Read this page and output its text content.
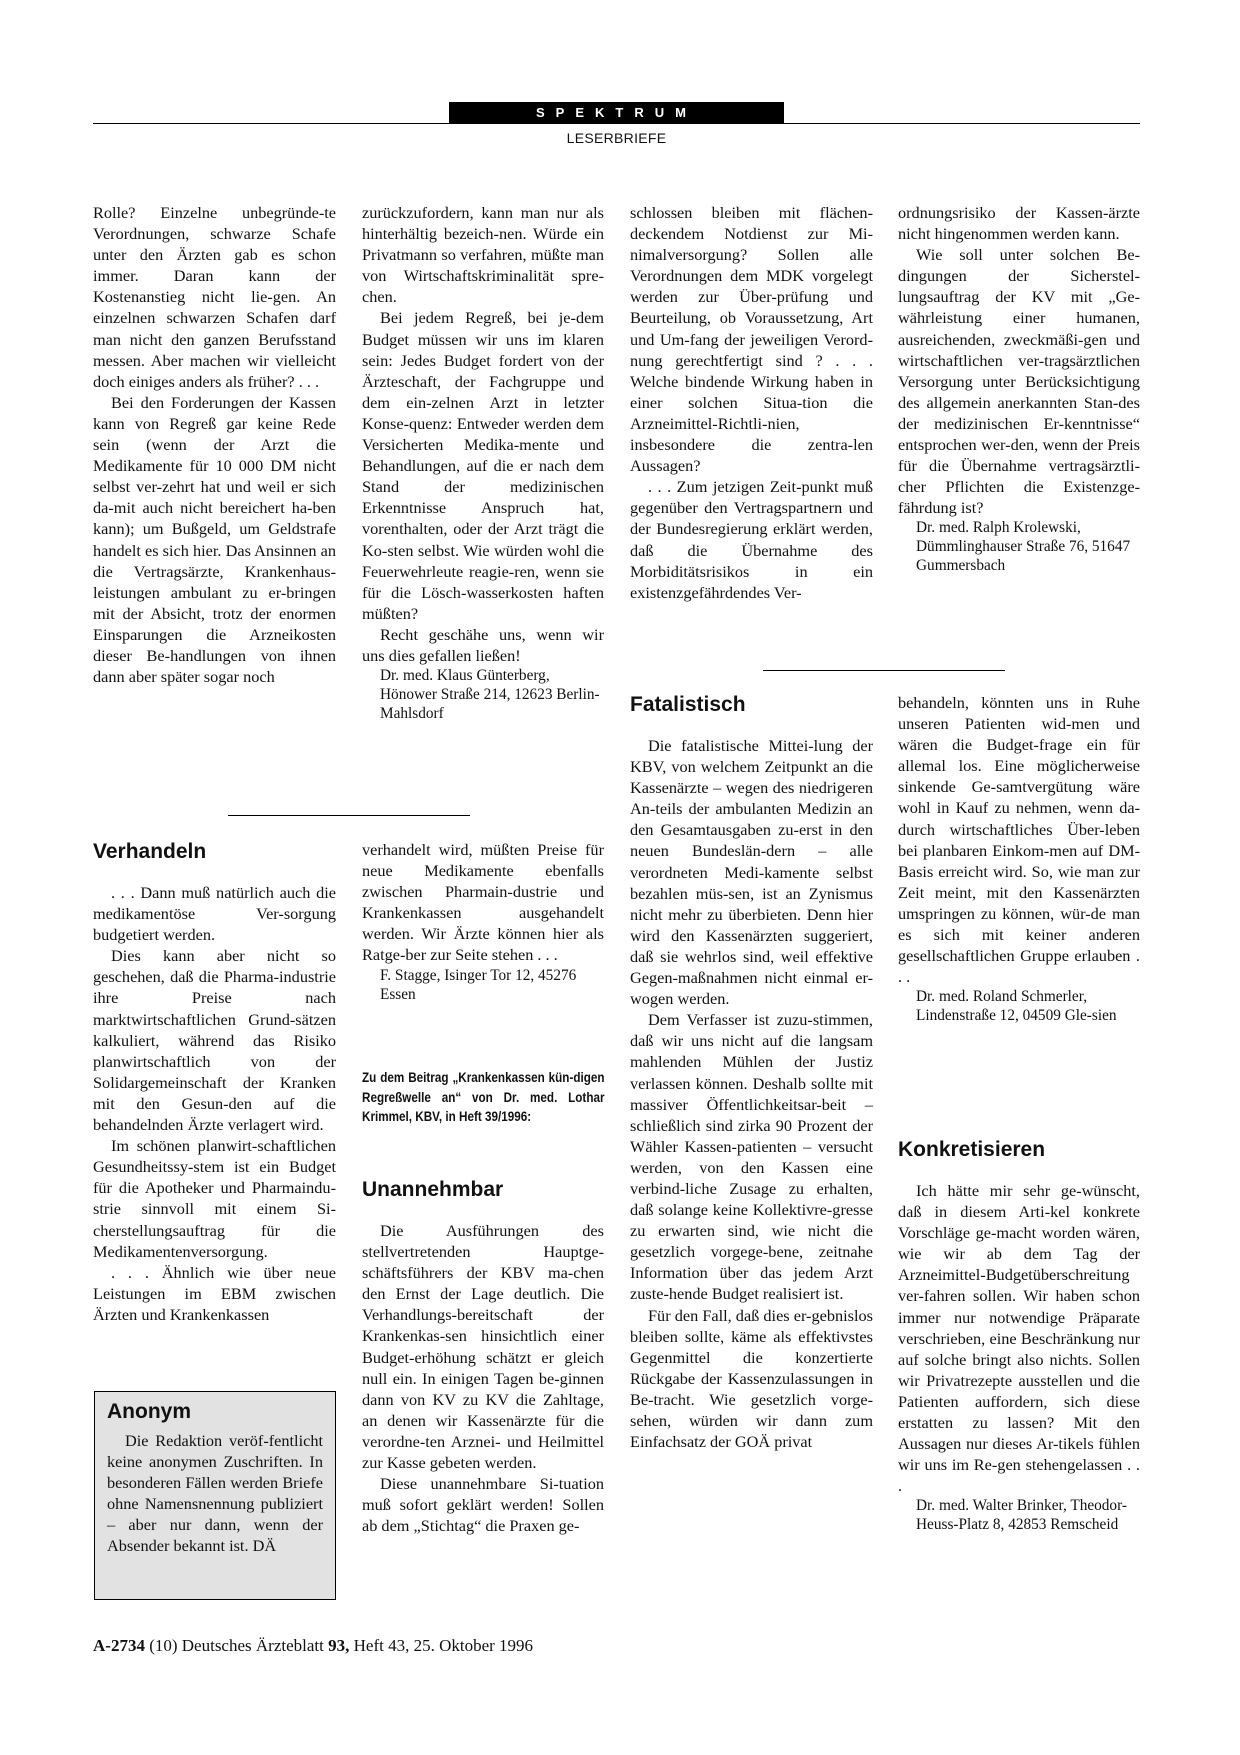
SPEKTRUM
LESERBRIEFE

Rolle? Einzelne unbegründe-te Verordnungen, schwarze Schafe unter den Ärzten gab es schon immer. Daran kann der Kostenanstieg nicht lie-gen. An einzelnen schwarzen Schafen darf man nicht den ganzen Berufsstand messen. Aber machen wir vielleicht doch einiges anders als früher? . . .

Bei den Forderungen der Kassen kann von Regreß gar keine Rede sein (wenn der Arzt die Medikamente für 10 000 DM nicht selbst ver-zehrt hat und weil er sich da-mit auch nicht bereichert ha-ben kann); um Bußgeld, um Geldstrafe handelt es sich hier. Das Ansinnen an die Vertragsärzte, Krankenhaus-leistungen ambulant zu er-bringen mit der Absicht, trotz der enormen Einsparungen die Arzneikosten dieser Be-handlungen von ihnen dann aber später sogar noch

zurückzufordern, kann man nur als hinterhältig bezeich-nen. Würde ein Privatmann so verfahren, müßte man von Wirtschaftskriminalität spre-chen.

Bei jedem Regreß, bei je-dem Budget müssen wir uns im klaren sein: Jedes Budget fordert von der Ärzteschaft, der Fachgruppe und dem ein-zelnen Arzt in letzter Konse-quenz: Entweder werden dem Versicherten Medika-mente und Behandlungen, auf die er nach dem Stand der medizinischen Erkenntnisse Anspruch hat, vorenthalten, oder der Arzt trägt die Ko-sten selbst. Wie würden wohl die Feuerwehrleute reagie-ren, wenn sie für die Lösch-wasserkosten haften müßten?

Recht geschähe uns, wenn wir uns dies gefallen ließen!

Dr. med. Klaus Günterberg, Hönower Straße 214, 12623 Berlin-Mahlsdorf

schlossen bleiben mit flächen-deckendem Notdienst zur Mi-nimalversorgung? Sollen alle Verordnungen dem MDK vorgelegt werden zur Über-prüfung und Beurteilung, ob Voraussetzung, Art und Um-fang der jeweiligen Verord-nung gerechtfertigt sind ? . . . Welche bindende Wirkung haben in einer solchen Situa-tion die Arzneimittel-Richtli-nien, insbesondere die zentra-len Aussagen?

. . . Zum jetzigen Zeit-punkt muß gegenüber den Vertragspartnern und der Bundesregierung erklärt werden, daß die Übernahme des Morbiditätsrisikos in ein existenzgefährdendes Ver-

ordnungsrisiko der Kassen-ärzte nicht hingenommen werden kann.

Wie soll unter solchen Be-dingungen der Sicherstel-lungsauftrag der KV mit „Ge-währleistung einer humanen, ausreichenden, zweckmäßi-gen und wirtschaftlichen ver-tragsärztlichen Versorgung unter Berücksichtigung des allgemein anerkannten Stan-des der medizinischen Er-kenntnisse“ entsprochen wer-den, wenn der Preis für die Übernahme vertragsärztli-cher Pflichten die Existenzge-fährdung ist?

Dr. med. Ralph Krolewski, Dümmlinghauser Straße 76, 51647 Gummersbach

Verhandeln

. . . Dann muß natürlich auch die medikamentöse Ver-sorgung budgetiert werden.

Dies kann aber nicht so geschehen, daß die Pharma-industrie ihre Preise nach marktwirtschaftlichen Grund-sätzen kalkuliert, während das Risiko planwirtschaftlich von der Solidargemeinschaft der Kranken mit den Gesun-den auf die behandelnden Ärzte verlagert wird.

Im schönen planwirt-schaftlichen Gesundheitssy-stem ist ein Budget für die Apotheker und Pharmaindu-strie sinnvoll mit einem Si-cherstellungsauftrag für die Medikamentenversorgung.

. . . Ähnlich wie über neue Leistungen im EBM zwischen Ärzten und Krankenkassen

verhandelt wird, müßten Preise für neue Medikamente ebenfalls zwischen Pharmain-dustrie und Krankenkassen ausgehandelt werden. Wir Ärzte können hier als Ratge-ber zur Seite stehen . . .

F. Stagge, Isinger Tor 12, 45276 Essen

Anonym

Die Redaktion veröf-fentlicht keine anonymen Zuschriften. In besonderen Fällen werden Briefe ohne Namensnennung publiziert – aber nur dann, wenn der Absender bekannt ist. DÄ

Zu dem Beitrag „Krankenkassen kün-digen Regreßwelle an“ von Dr. med. Lothar Krimmel, KBV, in Heft 39/1996:
Unannehmbar

Die Ausführungen des stellvertretenden Hauptge-schäftsführers der KBV ma-chen den Ernst der Lage deutlich. Die Verhandlungs-bereitschaft der Krankenkas-sen hinsichtlich einer Budget-erhöhung schätzt er gleich null ein. In einigen Tagen be-ginnen dann von KV zu KV die Zahltage, an denen wir Kassenärzte für die verordne-ten Arznei- und Heilmittel zur Kasse gebeten werden.

Diese unannehmbare Si-tuation muß sofort geklärt werden! Sollen ab dem „Stichtag“ die Praxen ge-

Fatalistisch

Die fatalistische Mittei-lung der KBV, von welchem Zeitpunkt an die Kassenärzte – wegen des niedrigeren An-teils der ambulanten Medizin an den Gesamtausgaben zu-erst in den neuen Bundeslän-dern – alle verordneten Medi-kamente selbst bezahlen müs-sen, ist an Zynismus nicht mehr zu überbieten. Denn hier wird den Kassenärzten suggeriert, daß sie wehrlos sind, weil effektive Gegen-maßnahmen nicht einmal er-wogen werden.

Dem Verfasser ist zuzu-stimmen, daß wir uns nicht auf die langsam mahlenden Mühlen der Justiz verlassen können. Deshalb sollte mit massiver Öffentlichkeitsar-beit – schließlich sind zirka 90 Prozent der Wähler Kassen-patienten – versucht werden, von den Kassen eine verbind-liche Zusage zu erhalten, daß solange keine Kollektivre-gresse zu erwarten sind, wie nicht die gesetzlich vorgege-bene, zeitnahe Information über das jedem Arzt zuste-hende Budget realisiert ist.

Für den Fall, daß dies er-gebnislos bleiben sollte, käme als effektivstes Gegenmittel die konzertierte Rückgabe der Kassenzulassungen in Be-tracht. Wie gesetzlich vorge-sehen, würden wir dann zum Einfachsatz der GOÄ privat

behandeln, könnten uns in Ruhe unseren Patienten wid-men und wären die Budget-frage ein für allemal los. Eine möglicherweise sinkende Ge-samtvergütung wäre wohl in Kauf zu nehmen, wenn da-durch wirtschaftliches Über-leben bei planbaren Einkom-men auf DM-Basis erreicht wird. So, wie man zur Zeit meint, mit den Kassenärzten umspringen zu können, wür-de man es sich mit keiner anderen gesellschaftlichen Gruppe erlauben . . .

Dr. med. Roland Schmerler, Lindenstraße 12, 04509 Gle-sien

Konkretisieren

Ich hätte mir sehr ge-wünscht, daß in diesem Arti-kel konkrete Vorschläge ge-macht worden wären, wie wir ab dem Tag der Arzneimittel-Budgetüberschreitung ver-fahren sollen. Wir haben schon immer nur notwendige Präparate verschrieben, eine Beschränkung nur auf solche bringt also nichts. Sollen wir Privatrezepte ausstellen und die Patienten auffordern, sich diese erstatten zu lassen? Mit den Aussagen nur dieses Ar-tikels fühlen wir uns im Re-gen stehengelassen . . .

Dr. med. Walter Brinker, Theodor-Heuss-Platz 8, 42853 Remscheid

A-2734 (10) Deutsches Ärzteblatt 93, Heft 43, 25. Oktober 1996
